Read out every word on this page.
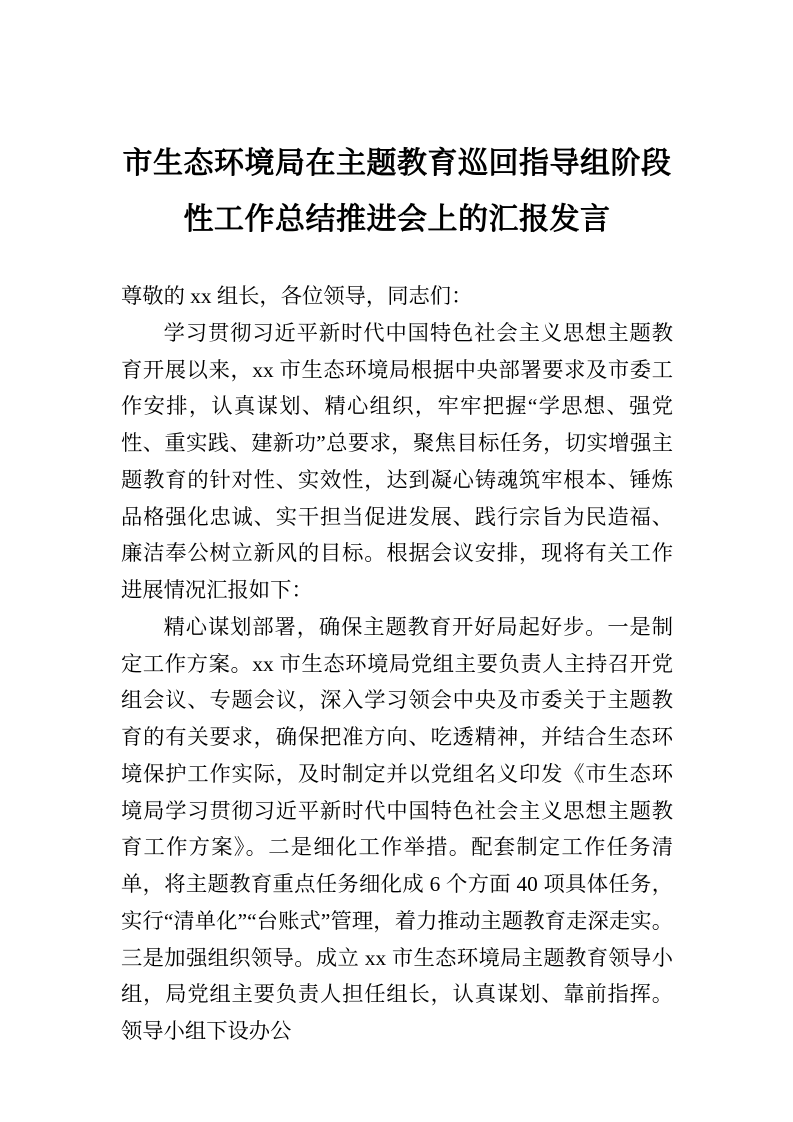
市生态环境局在主题教育巡回指导组阶段
性工作总结推进会上的汇报发言

尊敬的 xx 组长，各位领导，同志们：

学习贯彻习近平新时代中国特色社会主义思想主题教育开展以来，xx 市生态环境局根据中央部署要求及市委工作安排，认真谋划、精心组织，牢牢把握“学思想、强党性、重实践、建新功”总要求，聚焦目标任务，切实增强主题教育的针对性、实效性，达到凝心铸魂筑牢根本、锤炼品格强化忠诚、实干担当促进发展、践行宗旨为民造福、廉洁奉公树立新风的目标。根据会议安排，现将有关工作进展情况汇报如下：

精心谋划部署，确保主题教育开好局起好步。一是制定工作方案。xx 市生态环境局党组主要负责人主持召开党组会议、专题会议，深入学习领会中央及市委关于主题教育的有关要求，确保把准方向、吃透精神，并结合生态环境保护工作实际，及时制定并以党组名义印发《市生态环境局学习贯彻习近平新时代中国特色社会主义思想主题教育工作方案》。二是细化工作举措。配套制定工作任务清单，将主题教育重点任务细化成 6 个方面 40 项具体任务，实行“清单化”“台账式”管理，着力推动主题教育走深走实。三是加强组织领导。成立 xx 市生态环境局主题教育领导小组，局党组主要负责人担任组长，认真谋划、靠前指挥。领导小组下设办公
